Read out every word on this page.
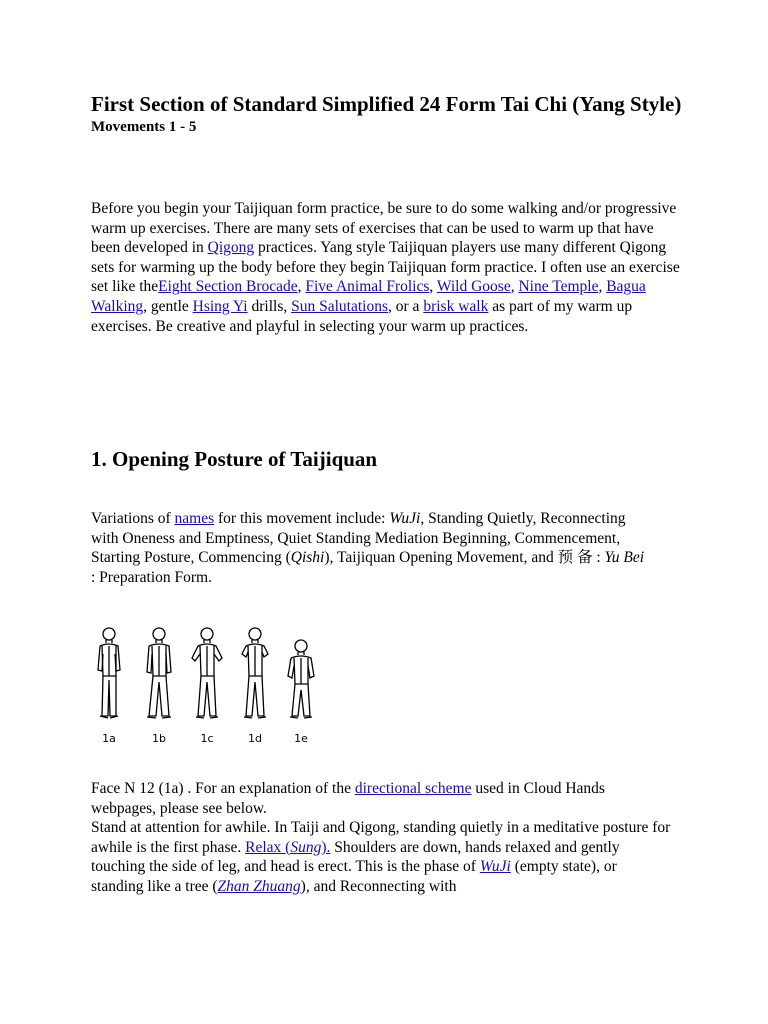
First Section of Standard Simplified 24 Form Tai Chi (Yang Style)
Movements 1 - 5

Before you begin your Taijiquan form practice, be sure to do some walking and/or progressive warm up exercises. There are many sets of exercises that can be used to warm up that have been developed in Qigong practices. Yang style Taijiquan players use many different Qigong sets for warming up the body before they begin Taijiquan form practice. I often use an exercise set like theEight Section Brocade, Five Animal Frolics, Wild Goose, Nine Temple, Bagua Walking, gentle Hsing Yi drills, Sun Salutations, or a brisk walk as part of my warm up exercises. Be creative and playful in selecting your warm up practices.

1. Opening Posture of Taijiquan

Variations of names for this movement include: WuJi, Standing Quietly, Reconnecting with Oneness and Emptiness, Quiet Standing Mediation Beginning, Commencement, Starting Posture, Commencing (Qishi), Taijiquan Opening Movement, and 预 备 : Yu Bei : Preparation Form.

1a	1b	1c	1d	1e

Face N 12 (1a) . For an explanation of the directional scheme used in Cloud Hands webpages, please see below.

Stand at attention for awhile. In Taiji and Qigong, standing quietly in a meditative posture for awhile is the first phase. Relax (Sung). Shoulders are down, hands relaxed and gently touching the side of leg, and head is erect. This is the phase of WuJi (empty state), or standing like a tree (Zhan Zhuang), and Reconnecting with
